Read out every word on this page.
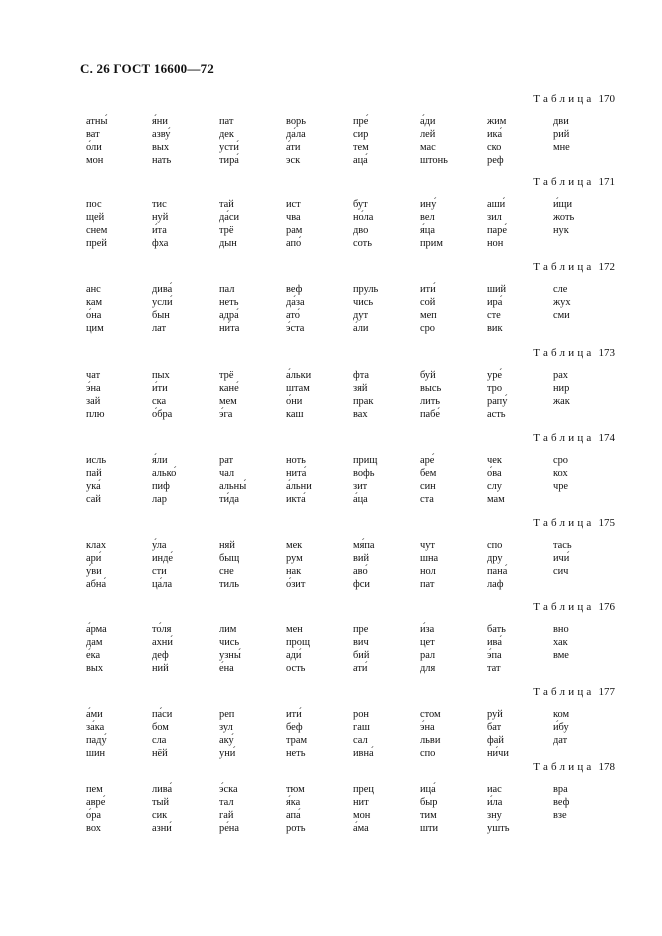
С. 26 ГОСТ 16600—72
Таблица 170
атны́
ват
о́ли
мон
я́ни
азву́
вых
нать
пат
дек
усти́
тира́
ворь
да́ла
а́ти
эск
пре́
сир
тем
аца́
а́ди
лей
мас
штонь
жим
ика́
ско
реф
дви
рий
мне
Таблица 171
пос
щей
снем
прей
тис
нуй
и́та
фха
тай
да́си
трё
дын
ист
чва
рам
апо́
бут
но́ла
дво
соть
ину́
вел
я́ца
прим
аши́
зил
паре́
нон
и́щи
жоть
нук
Таблица 172
анс
кам
о́на
цим
дива́
усли́
бын
лат
пал
неть
адра́
ни́та
веф
да́за
ато́
э́ста
пруль
чись
дут
а́ли
ити́
сой
меп
сро
ший
ира́
сте
вик
сле
жух
сми
Таблица 173
чат
э́на
зай
плю
пых
и́ти
ска
о́бра
трё
кане́
мем
э́га
а́льки
штам
о́ни
каш
фта
зяй
прак
вах
буй
высь
лить
пабе́
уре́
тро
рапу́
асть
рах
нир
жак
Таблица 174
исль
пай
ука́
сай
я́ли
алько́
пиф
лар
рат
чал
альны́
ти́да
ноть
нита́
а́льни
икта́
прищ
вофь
зит
а́ца
аре́
бем
син
ста
чек
о́ва
слу
мам
сро
кох
чре
Таблица 175
клах
ари́
у́ви
абна́
у́ла
инде́
сти
ца́ла
няй
быщ
сне
тиль
мек
рум
нак
о́зит
мя́па
вий
аво́
фси
чут
шна
нол
пат
спо
дру
пана́
лаф
тась
ичи́
сич
Таблица 176
а́рма
дам
е́ка
вых
то́ля
ахни́
деф
ний
лим
чись
узны́
е́на
мен
прощ
ади́
ость
пре
вич
бий
ати́
и́за
цет
рал
для
бать
ива́
э́па
тат
вно
хак
вме
Таблица 177
а́ми
за́ка
паду́
шин
па́си
бом
сла
нёй
реп
зул
аку́
уни́
ити́
беф
трам
неть
рон
гаш
сал
ивна́
стом
э́на
льви
спо
руй
бат
фай
ни́чи
ком
и́бу
дат
Таблица 178
пем
авре́
о́ра
вох
лива́
тый
сик
азни́
э́ска
тал
гай
ре́на
тюм
я́ка
апа́
роть
прец
нит
мон
а́ма
ица́
быр
тим
шти
иас
и́ла
зну
ушть
вра
веф
взе
